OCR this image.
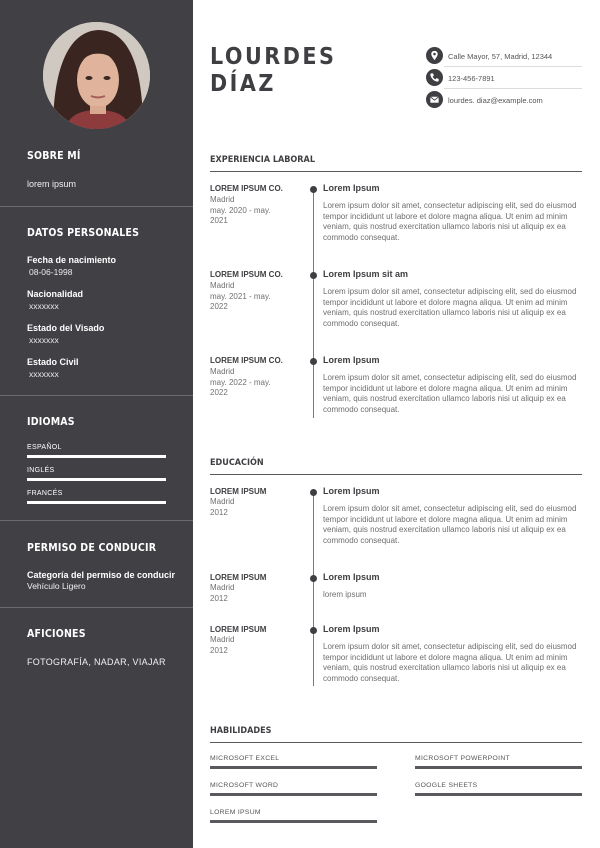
SOBRE MÍ
lorem ipsum
DATOS PERSONALES
Fecha de nacimiento
08-06-1998
Nacionalidad
xxxxxxx
Estado del Visado
xxxxxxx
Estado Civil
xxxxxxx
IDIOMAS
ESPAÑOL
INGLÉS
FRANCÉS
PERMISO DE CONDUCIR
Categoría del permiso de conducir
Vehículo Ligero
AFICIONES
FOTOGRAFÍA, NADAR, VIAJAR
LOURDES
DÍAZ
Calle Mayor, 57, Madrid, 12344
123-456-7891
lourdes. diaz@example.com
EXPERIENCIA LABORAL
LOREM IPSUM CO.
Madrid
may. 2020 - may.
2021
Lorem Ipsum
Lorem ipsum dolor sit amet, consectetur adipiscing elit, sed do eiusmod tempor incididunt ut labore et dolore magna aliqua. Ut enim ad minim veniam, quis nostrud exercitation ullamco laboris nisi ut aliquip ex ea commodo consequat.
LOREM IPSUM CO.
Madrid
may. 2021 - may.
2022
Lorem Ipsum sit am
Lorem ipsum dolor sit amet, consectetur adipiscing elit, sed do eiusmod tempor incididunt ut labore et dolore magna aliqua. Ut enim ad minim veniam, quis nostrud exercitation ullamco laboris nisi ut aliquip ex ea commodo consequat.
LOREM IPSUM CO.
Madrid
may. 2022 - may.
2022
Lorem Ipsum
Lorem ipsum dolor sit amet, consectetur adipiscing elit, sed do eiusmod tempor incididunt ut labore et dolore magna aliqua. Ut enim ad minim veniam, quis nostrud exercitation ullamco laboris nisi ut aliquip ex ea commodo consequat.
EDUCACIÓN
LOREM IPSUM
Madrid
2012
Lorem Ipsum
Lorem ipsum dolor sit amet, consectetur adipiscing elit, sed do eiusmod tempor incididunt ut labore et dolore magna aliqua. Ut enim ad minim veniam, quis nostrud exercitation ullamco laboris nisi ut aliquip ex ea commodo consequat.
LOREM IPSUM
Madrid
2012
Lorem Ipsum
lorem ipsum
LOREM IPSUM
Madrid
2012
Lorem Ipsum
Lorem ipsum dolor sit amet, consectetur adipiscing elit, sed do eiusmod tempor incididunt ut labore et dolore magna aliqua. Ut enim ad minim veniam, quis nostrud exercitation ullamco laboris nisi ut aliquip ex ea commodo consequat.
HABILIDADES
MICROSOFT EXCEL	MICROSOFT POWERPOINT
MICROSOFT WORD	GOOGLE SHEETS
LOREM IPSUM
